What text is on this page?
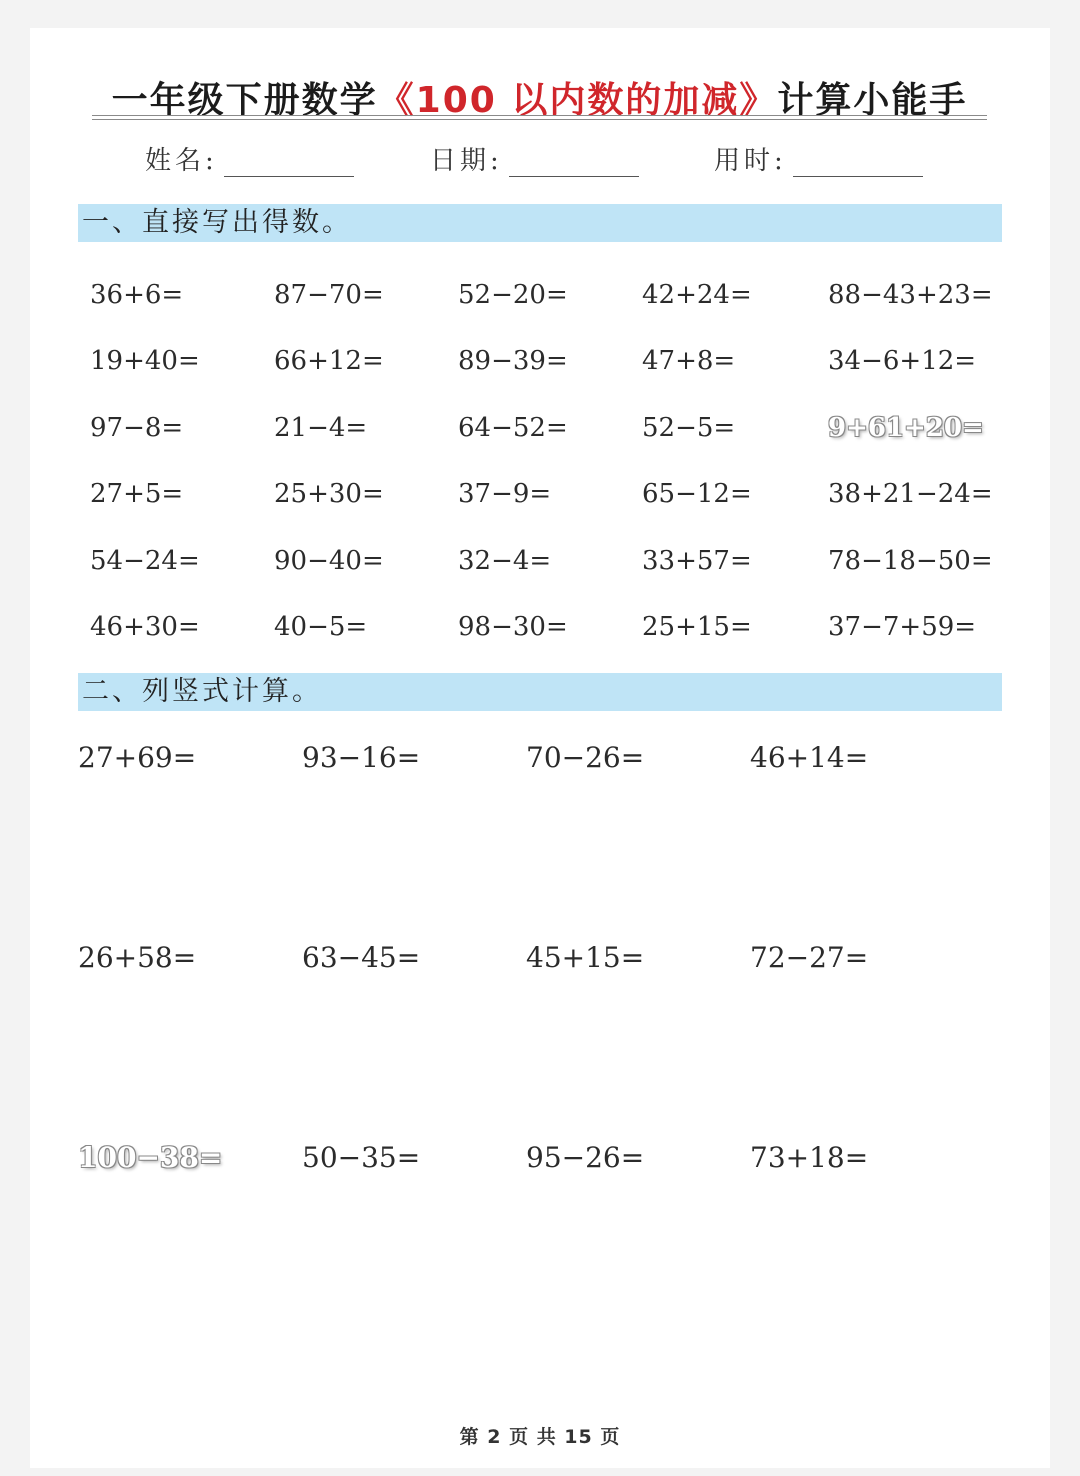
一年级下册数学 《100 以内数的加减》 计算小能手
姓名:	日期:	用时:
一、直接写出得数。
36+6=	87−70=	52−20=	42+24=	88−43+23=
19+40=	66+12=	89−39=	47+8=	34−6+12=
97−8=	21−4=	64−52=	52−5=	9+61+20=
27+5=	25+30=	37−9=	65−12=	38+21−24=
54−24=	90−40=	32−4=	33+57=	78−18−50=
46+30=	40−5=	98−30=	25+15=	37−7+59=
二、列竖式计算。
27+69=	93−16=	70−26=	46+14=
26+58=	63−45=	45+15=	72−27=
100−38=	50−35=	95−26=	73+18=
第 2 页 共 15 页
